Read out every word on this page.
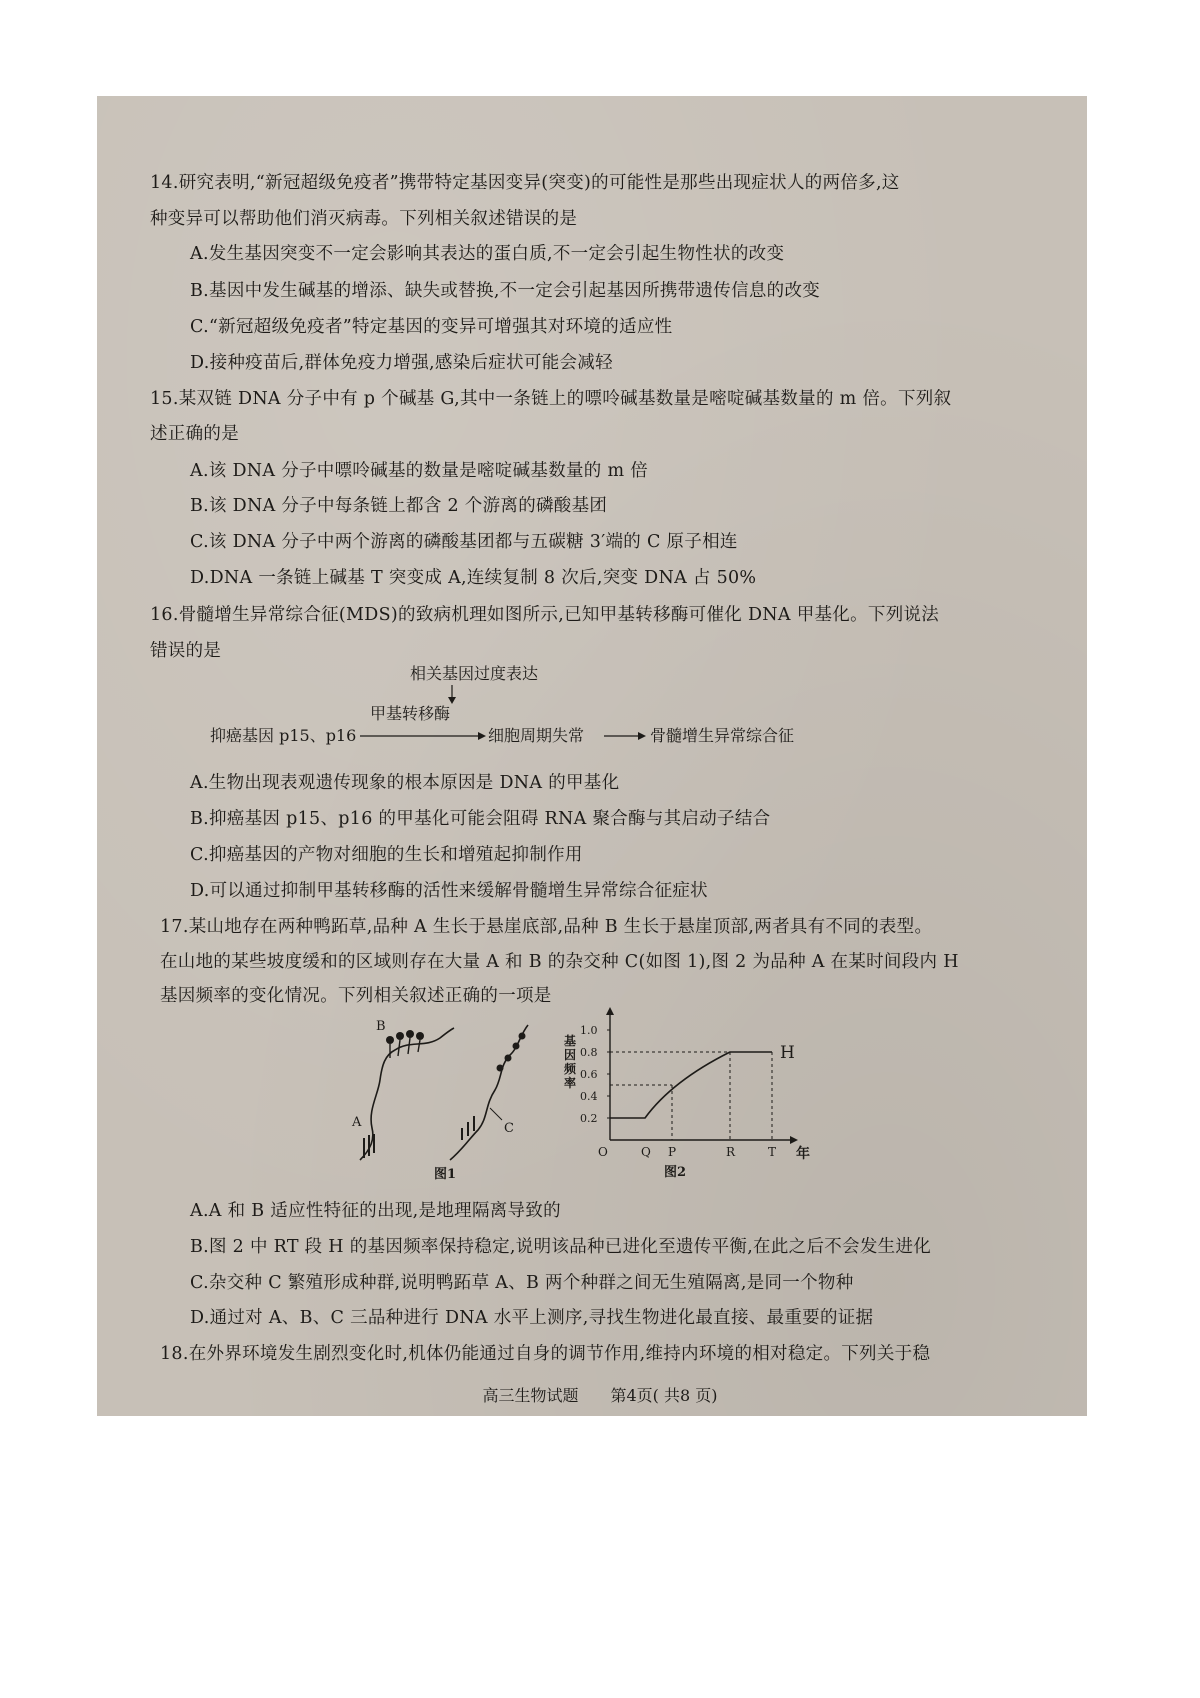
14.研究表明,“新冠超级免疫者”携带特定基因变异(突变)的可能性是那些出现症状人的两倍多,这
种变异可以帮助他们消灭病毒。下列相关叙述错误的是
A.发生基因突变不一定会影响其表达的蛋白质,不一定会引起生物性状的改变
B.基因中发生碱基的增添、缺失或替换,不一定会引起基因所携带遗传信息的改变
C.“新冠超级免疫者”特定基因的变异可增强其对环境的适应性
D.接种疫苗后,群体免疫力增强,感染后症状可能会减轻
15.某双链 DNA 分子中有 p 个碱基 G,其中一条链上的嘌呤碱基数量是嘧啶碱基数量的 m 倍。下列叙
述正确的是
A.该 DNA 分子中嘌呤碱基的数量是嘧啶碱基数量的 m 倍
B.该 DNA 分子中每条链上都含 2 个游离的磷酸基团
C.该 DNA 分子中两个游离的磷酸基团都与五碳糖 3′端的 C 原子相连
D.DNA 一条链上碱基 T 突变成 A,连续复制 8 次后,突变 DNA 占 50%
16.骨髓增生异常综合征(MDS)的致病机理如图所示,已知甲基转移酶可催化 DNA 甲基化。下列说法
错误的是
相关基因过度表达
甲基转移酶
抑癌基因 p15、p16	细胞周期失常	骨髓增生异常综合征
A.生物出现表观遗传现象的根本原因是 DNA 的甲基化
B.抑癌基因 p15、p16 的甲基化可能会阻碍 RNA 聚合酶与其启动子结合
C.抑癌基因的产物对细胞的生长和增殖起抑制作用
D.可以通过抑制甲基转移酶的活性来缓解骨髓增生异常综合征症状
17.某山地存在两种鸭跖草,品种 A 生长于悬崖底部,品种 B 生长于悬崖顶部,两者具有不同的表型。
在山地的某些坡度缓和的区域则存在大量 A 和 B 的杂交种 C(如图 1),图 2 为品种 A 在某时间段内 H
基因频率的变化情况。下列相关叙述正确的一项是
A
B
C
图1
0.2
0.4
0.6
0.8
1.0
Q P	R	T
O	年
基
因
频
率
H
图2
A.A 和 B 适应性特征的出现,是地理隔离导致的
B.图 2 中 RT 段 H 的基因频率保持稳定,说明该品种已进化至遗传平衡,在此之后不会发生进化
C.杂交种 C 繁殖形成种群,说明鸭跖草 A、B 两个种群之间无生殖隔离,是同一个物种
D.通过对 A、B、C 三品种进行 DNA 水平上测序,寻找生物进化最直接、最重要的证据
18.在外界环境发生剧烈变化时,机体仍能通过自身的调节作用,维持内环境的相对稳定。下列关于稳
高三生物试题　　第4页( 共8 页)
